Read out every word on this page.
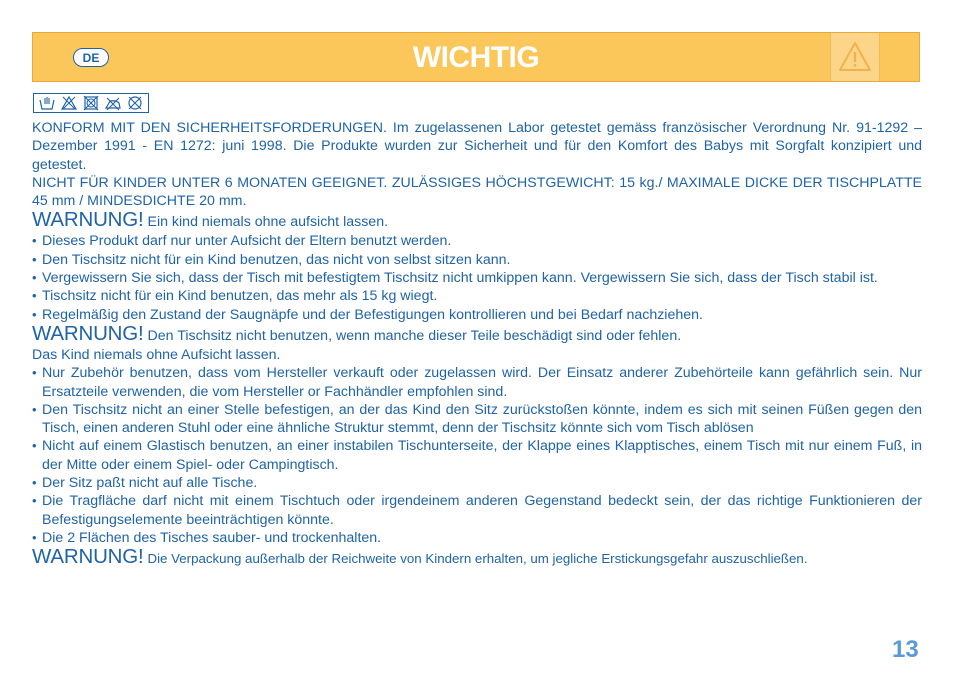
DE	WICHTIG

KONFORM MIT DEN SICHERHEITSFORDERUNGEN. Im zugelassenen Labor getestet gemäss französischer Verordnung Nr. 91-1292 – Dezember 1991 - EN 1272: juni 1998. Die Produkte wurden zur Sicherheit und für den Komfort des Babys mit Sorgfalt konzipiert und getestet.

NICHT FÜR KINDER UNTER 6 MONATEN GEEIGNET. ZULÄSSIGES HÖCHSTGEWICHT: 15 kg./ MAXIMALE DICKE DER TISCHPLATTE 45 mm / MINDESDICHTE 20 mm.

WARNUNG! Ein kind niemals ohne aufsicht lassen.

• Dieses Produkt darf nur unter Aufsicht der Eltern benutzt werden.
• Den Tischsitz nicht für ein Kind benutzen, das nicht von selbst sitzen kann.
• Vergewissern Sie sich, dass der Tisch mit befestigtem Tischsitz nicht umkippen kann. Vergewissern Sie sich, dass der Tisch stabil ist.
• Tischsitz nicht für ein Kind benutzen, das mehr als 15 kg wiegt.
• Regelmäßig den Zustand der Saugnäpfe und der Befestigungen kontrollieren und bei Bedarf nachziehen.

WARNUNG! Den Tischsitz nicht benutzen, wenn manche dieser Teile beschädigt sind oder fehlen.

Das Kind niemals ohne Aufsicht lassen.

• Nur Zubehör benutzen, dass vom Hersteller verkauft oder zugelassen wird. Der Einsatz anderer Zubehörteile kann gefährlich sein. Nur Ersatzteile verwenden, die vom Hersteller or Fachhändler empfohlen sind.
• Den Tischsitz nicht an einer Stelle befestigen, an der das Kind den Sitz zurückstoßen könnte, indem es sich mit seinen Füßen gegen den Tisch, einen anderen Stuhl oder eine ähnliche Struktur stemmt, denn der Tischsitz könnte sich vom Tisch ablösen
• Nicht auf einem Glastisch benutzen, an einer instabilen Tischunterseite, der Klappe eines Klapptisches, einem Tisch mit nur einem Fuß, in der Mitte oder einem Spiel- oder Campingtisch.
• Der Sitz paßt nicht auf alle Tische.
• Die Tragfläche darf nicht mit einem Tischtuch oder irgendeinem anderen Gegenstand bedeckt sein, der das richtige Funktionieren der Befestigungselemente beeinträchtigen könnte.
• Die 2 Flächen des Tisches sauber- und trockenhalten.

WARNUNG! Die Verpackung außerhalb der Reichweite von Kindern erhalten, um jegliche Erstickungsgefahr auszuschließen.

13
